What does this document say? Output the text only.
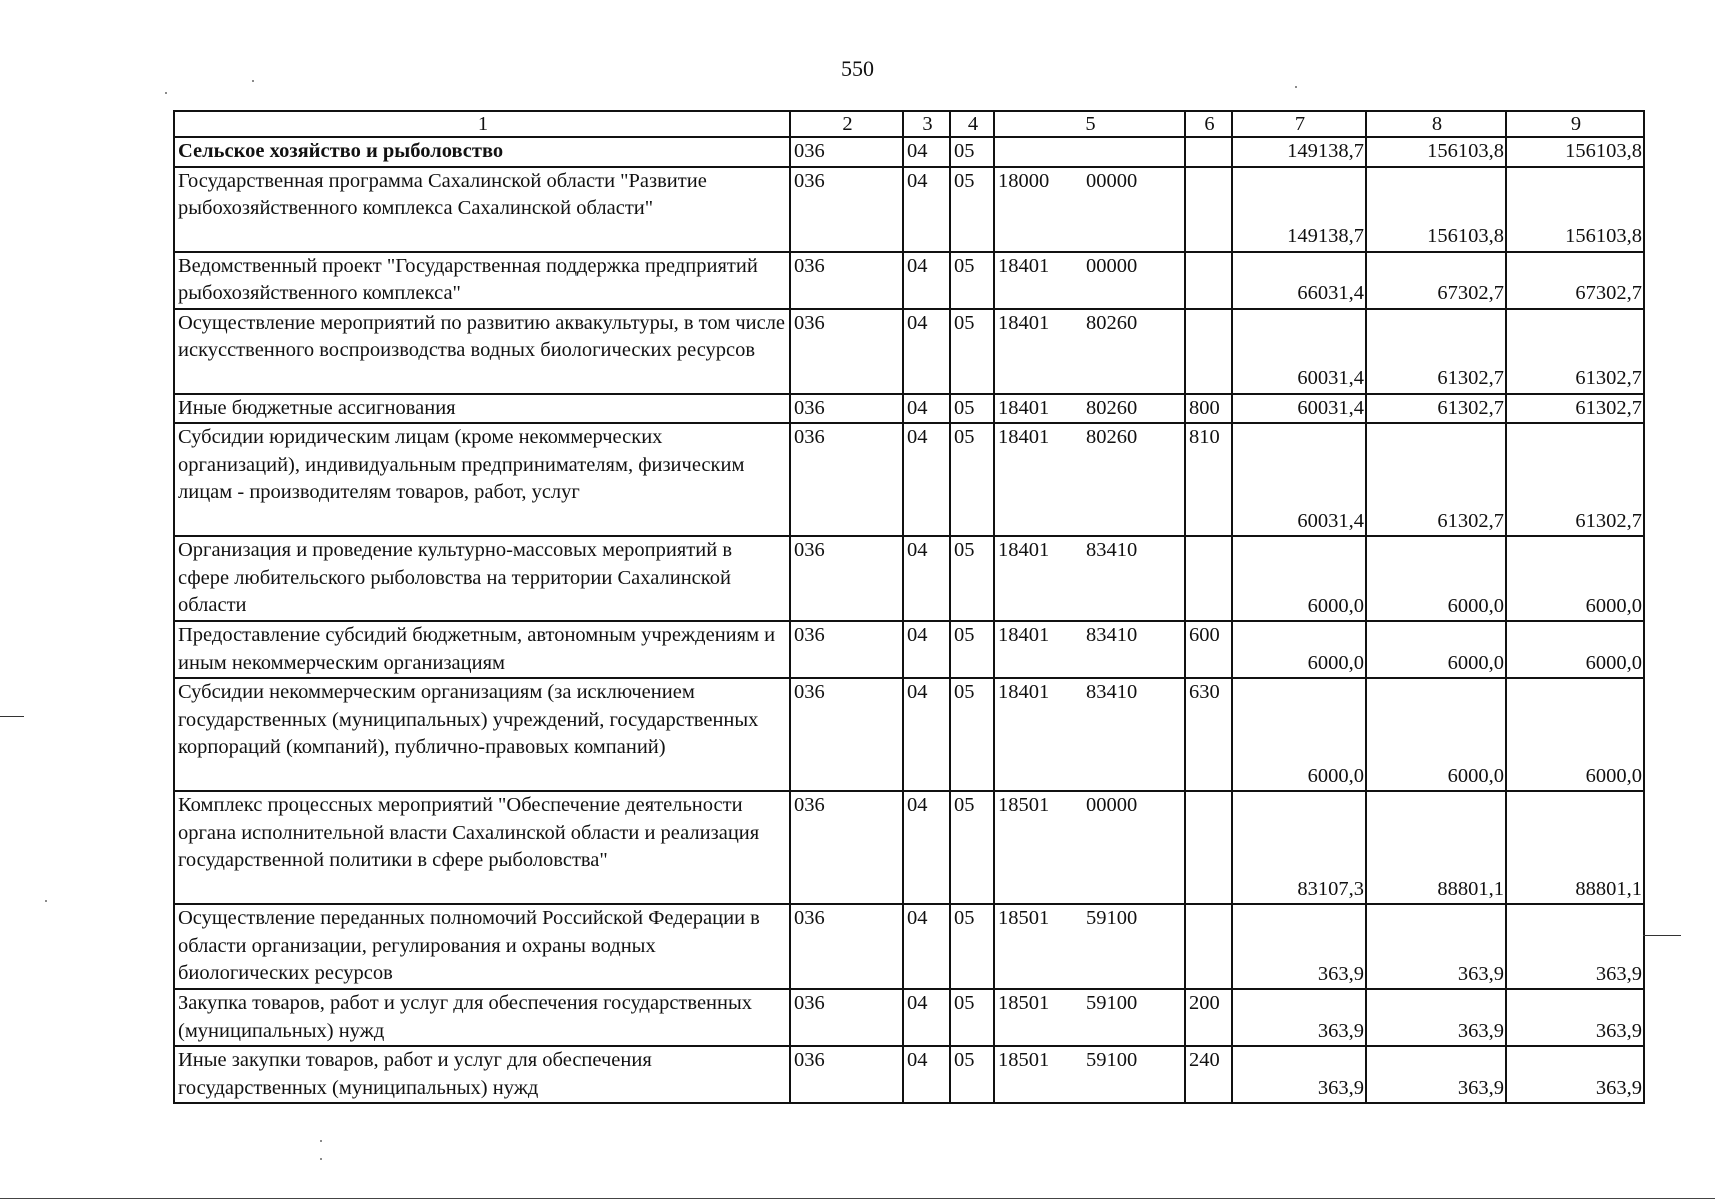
550
1	2	3	4	5	6	7	8	9
Сельское хозяйство и рыболовство	036	04	05			149138,7	156103,8	156103,8
Государственная программа Сахалинской области "Развитие рыбохозяйственного комплекса Сахалинской области"	036	04	05	18000 00000		149138,7	156103,8	156103,8
Ведомственный проект "Государственная поддержка предприятий рыбохозяйственного комплекса"	036	04	05	18401 00000		66031,4	67302,7	67302,7
Осуществление мероприятий по развитию аквакультуры, в том числе искусственного воспроизводства водных биологических ресурсов	036	04	05	18401 80260		60031,4	61302,7	61302,7
Иные бюджетные ассигнования	036	04	05	18401 80260	800	60031,4	61302,7	61302,7
Субсидии юридическим лицам (кроме некоммерческих организаций), индивидуальным предпринимателям, физическим лицам - производителям товаров, работ, услуг	036	04	05	18401 80260	810	60031,4	61302,7	61302,7
Организация и проведение культурно-массовых мероприятий в сфере любительского рыболовства на территории Сахалинской области	036	04	05	18401 83410		6000,0	6000,0	6000,0
Предоставление субсидий бюджетным, автономным учреждениям и иным некоммерческим организациям	036	04	05	18401 83410	600	6000,0	6000,0	6000,0
Субсидии некоммерческим организациям (за исключением государственных (муниципальных) учреждений, государственных корпораций (компаний), публично-правовых компаний)	036	04	05	18401 83410	630	6000,0	6000,0	6000,0
Комплекс процессных мероприятий "Обеспечение деятельности органа исполнительной власти Сахалинской области и реализация государственной политики в сфере рыболовства"	036	04	05	18501 00000		83107,3	88801,1	88801,1
Осуществление переданных полномочий Российской Федерации в области организации, регулирования и охраны водных биологических ресурсов	036	04	05	18501 59100		363,9	363,9	363,9
Закупка товаров, работ и услуг для обеспечения государственных (муниципальных) нужд	036	04	05	18501 59100	200	363,9	363,9	363,9
Иные закупки товаров, работ и услуг для обеспечения государственных (муниципальных) нужд	036	04	05	18501 59100	240	363,9	363,9	363,9
